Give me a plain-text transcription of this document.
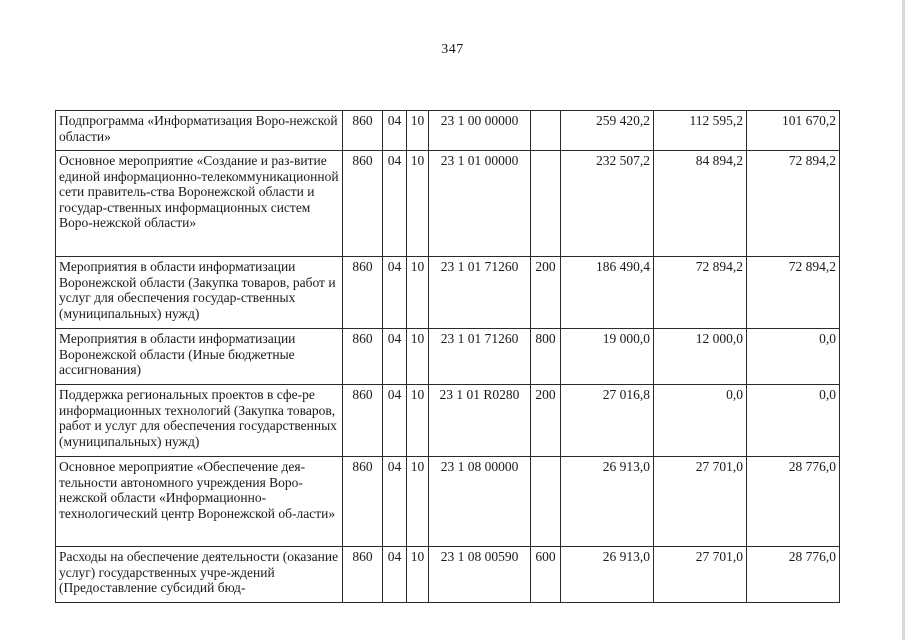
347
Подпрограмма «Информатизация Воро-нежской области»	860	04	10	23 1 00 00000		259 420,2	112 595,2	101 670,2
Основное мероприятие «Создание и раз-витие единой информационно-телекоммуникационной сети правитель-ства Воронежской области и государ-ственных информационных систем Воро-нежской области»	860	04	10	23 1 01 00000		232 507,2	84 894,2	72 894,2
Мероприятия в области информатизации Воронежской области (Закупка товаров, работ и услуг для обеспечения государ-ственных (муниципальных) нужд)	860	04	10	23 1 01 71260	200	186 490,4	72 894,2	72 894,2
Мероприятия в области информатизации Воронежской области (Иные бюджетные ассигнования)	860	04	10	23 1 01 71260	800	19 000,0	12 000,0	0,0
Поддержка региональных проектов в сфе-ре информационных технологий (Закупка товаров, работ и услуг для обеспечения государственных (муниципальных) нужд)	860	04	10	23 1 01 R0280	200	27 016,8	0,0	0,0
Основное мероприятие «Обеспечение дея-тельности автономного учреждения Воро-нежской области «Информационно-технологический центр Воронежской об-ласти»	860	04	10	23 1 08 00000		26 913,0	27 701,0	28 776,0
Расходы на обеспечение деятельности (оказание услуг) государственных учре-ждений (Предоставление субсидий бюд-	860	04	10	23 1 08 00590	600	26 913,0	27 701,0	28 776,0
